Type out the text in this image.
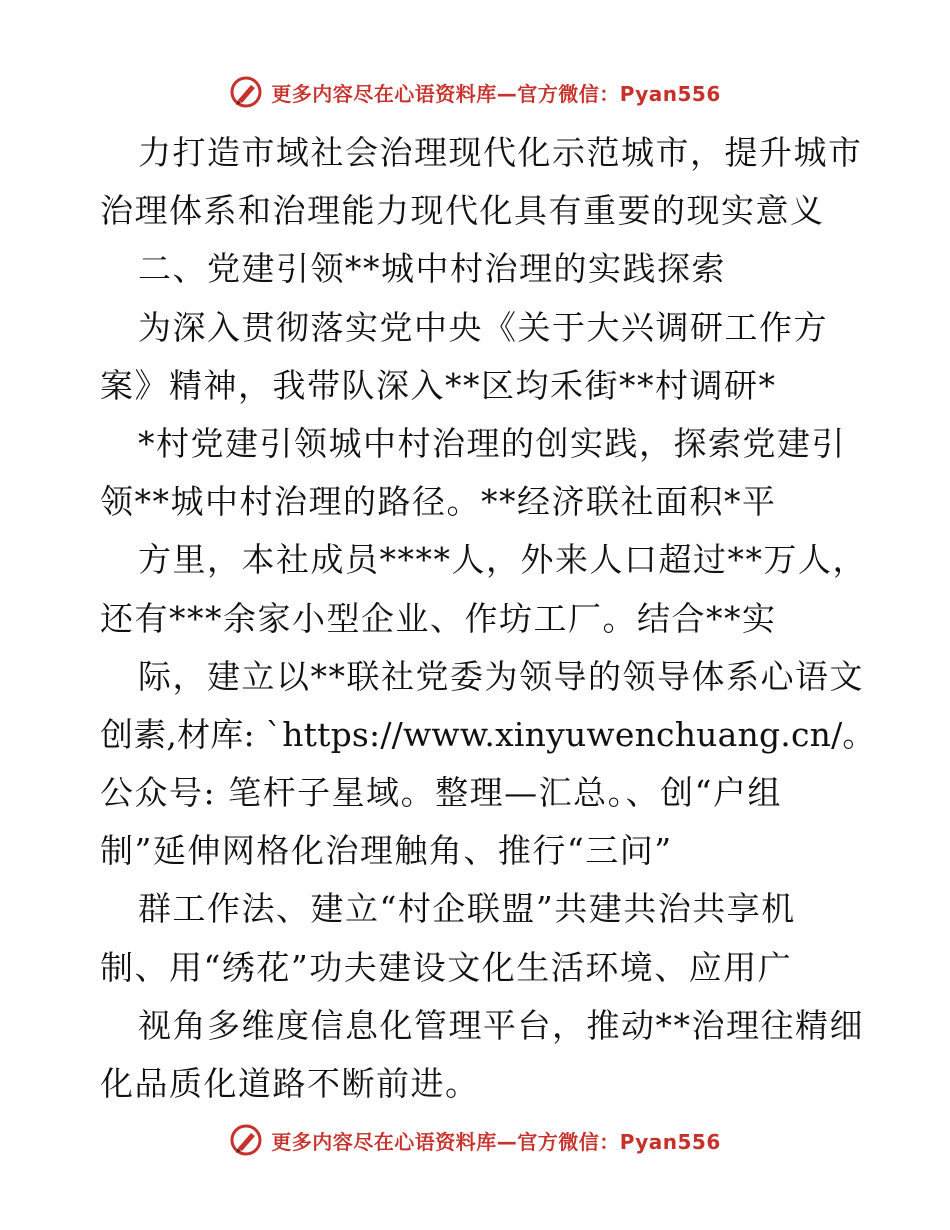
更多内容尽在心语资料库—官方微信：Pyan556
力打造市域社会治理现代化示范城市，提升城市
治理体系和治理能力现代化具有重要的现实意义
二、党建引领**城中村治理的实践探索
为深入贯彻落实党中央《关于大兴调研工作方
案》精神，我带队深入**区均禾街**村调研*
*村党建引领城中村治理的创实践，探索党建引
领**城中村治理的路径。**经济联社面积*平
方里，本社成员****人，外来人口超过**万人，
还有***余家小型企业、作坊工厂。结合**实
际，建立以**联社党委为领导的领导体系心语文
创素,材库: `https://www.xinyuwenchuang.cn/。
公众号: 笔杆子星域。整理—汇总。、创“户组
制”延伸网格化治理触角、推行“三问”
群工作法、建立“村企联盟”共建共治共享机
制、用“绣花”功夫建设文化生活环境、应用广
视角多维度信息化管理平台，推动**治理往精细
化品质化道路不断前进。
更多内容尽在心语资料库—官方微信：Pyan556
